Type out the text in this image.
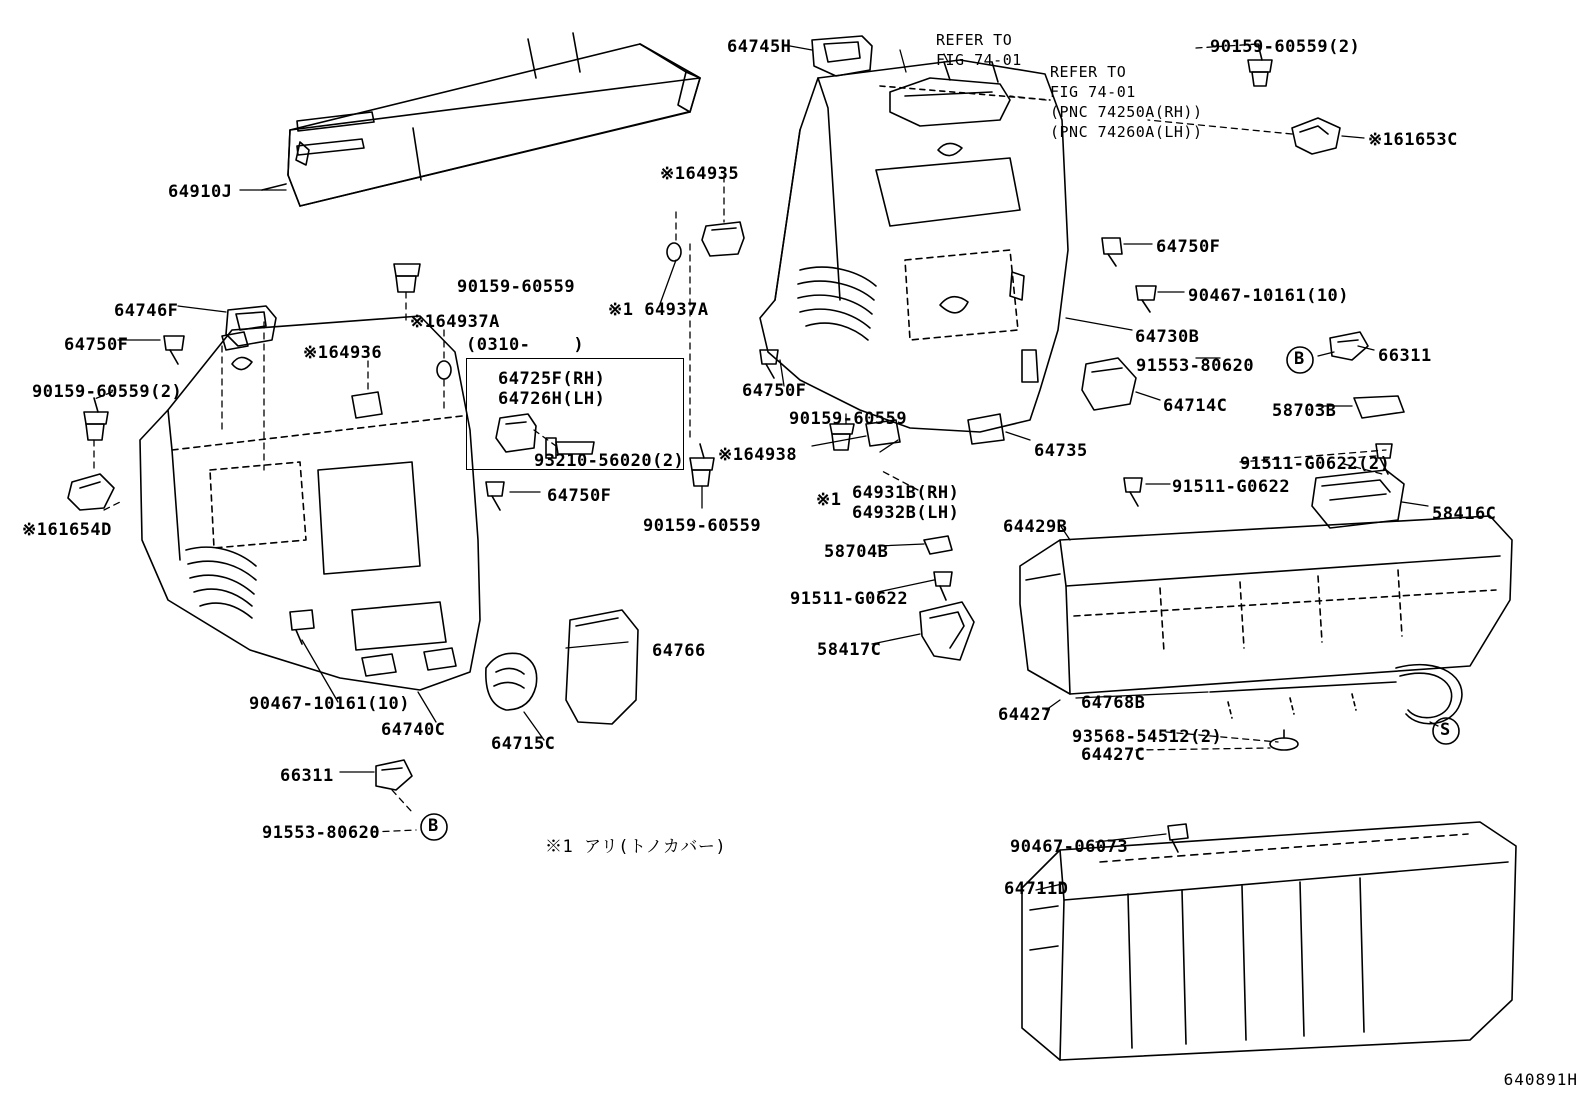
64910J
64745H	90159-60559(2)
※161653C
※164935
64750F
90467-10161(10)
64730B
64746F
90159-60559
※164937A
※1 64937A
64750F	※164936
91553-80620	66311
90159-60559(2)	64750F
64714C	58703B
90159-60559
64735
91511-G0622(2)
※164938
64931B(RH)
64932B(LH)
※1
91511-G0622
58416C
64750F
※161654D	90159-60559	64429B
58704B
91511-G0622
58417C
64766
64768B
64427
93568-54512(2)
64427C
90467-10161(10)
64740C
64715C
66311
91553-80620
90467-06073
64711D
REFER TO
FIG 74-01
REFER TO
FIG 74-01
(PNC 74250A(RH))
(PNC 74260A(LH))
(0310-    )
64725F(RH)
64726H(LH)
93210-56020(2)
B
B
S
※1 アリ(トノカバー)
640891H
